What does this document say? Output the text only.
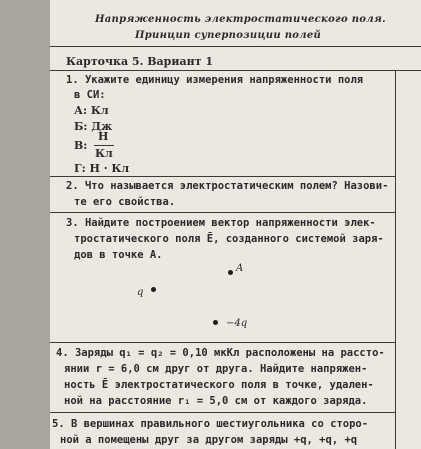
Напряженность электростатического поля.
Принцип суперпозиции полей
Карточка 5. Вариант 1
1. Укажите единицу измерения напряженности поля
в СИ:
А: Кл
Б: Дж
В:
Н
Кл
Г: Н · Кл
2. Что называется электростатическим полем? Назови-
те его свойства.
3. Найдите построением вектор напряженности элек-
тростатического поля Ē, созданного системой заря-
дов в точке A.
A
q
−4q
4. Заряды q₁ = q₂ = 0,10 мкКл расположены на рассто-
янии r = 6,0 см друг от друга. Найдите напряжен-
ность Ē электростатического поля в точке, удален-
ной на расстояние r₁ = 5,0 см от каждого заряда.
5. В вершинах правильного шестиугольника со сторо-
ной a помещены друг за другом заряды +q, +q, +q
